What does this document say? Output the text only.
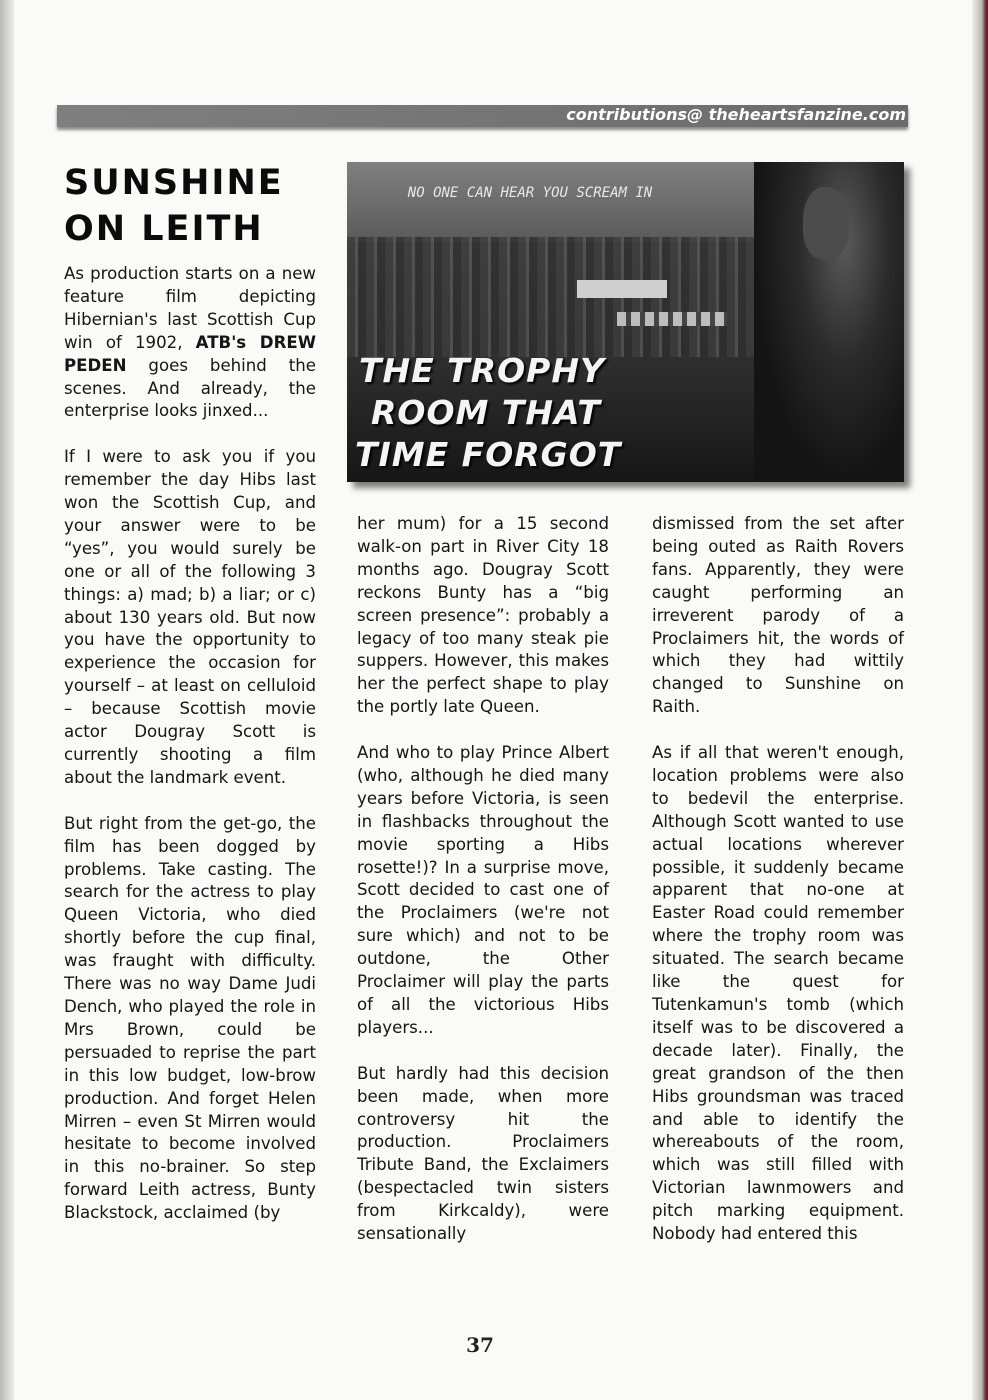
contributions@ theheartsfanzine.com
SUNSHINE
ON LEITH
NO ONE CAN HEAR YOU SCREAM IN
THE TROPHY
ROOM THAT
TIME FORGOT

As production starts on a new feature film depicting Hibernian's last Scottish Cup win of 1902, ATB's DREW PEDEN goes behind the scenes. And already, the enterprise looks jinxed...

If I were to ask you if you remember the day Hibs last won the Scottish Cup, and your answer were to be “yes”, you would surely be one or all of the following 3 things: a) mad; b) a liar; or c) about 130 years old. But now you have the opportunity to experience the occasion for yourself – at least on celluloid – because Scottish movie actor Dougray Scott is currently shooting a film about the landmark event.

But right from the get-go, the film has been dogged by problems. Take casting. The search for the actress to play Queen Victoria, who died shortly before the cup final, was fraught with difficulty. There was no way Dame Judi Dench, who played the role in Mrs Brown, could be persuaded to reprise the part in this low budget, low-brow production. And forget Helen Mirren – even St Mirren would hesitate to become involved in this no-brainer. So step forward Leith actress, Bunty Blackstock, acclaimed (by

her mum) for a 15 second walk-on part in River City 18 months ago. Dougray Scott reckons Bunty has a “big screen presence”: probably a legacy of too many steak pie suppers. However, this makes her the perfect shape to play the portly late Queen.

And who to play Prince Albert (who, although he died many years before Victoria, is seen in flashbacks throughout the movie sporting a Hibs rosette!)? In a surprise move, Scott decided to cast one of the Proclaimers (we're not sure which) and not to be outdone, the Other Proclaimer will play the parts of all the victorious Hibs players...

But hardly had this decision been made, when more controversy hit the production. Proclaimers Tribute Band, the Exclaimers (bespectacled twin sisters from Kirkcaldy), were sensationally

dismissed from the set after being outed as Raith Rovers fans. Apparently, they were caught performing an irreverent parody of a Proclaimers hit, the words of which they had wittily changed to Sunshine on Raith.

As if all that weren't enough, location problems were also to bedevil the enterprise. Although Scott wanted to use actual locations wherever possible, it suddenly became apparent that no-one at Easter Road could remember where the trophy room was situated. The search became like the quest for Tutenkamun's tomb (which itself was to be discovered a decade later). Finally, the great grandson of the then Hibs groundsman was traced and able to identify the whereabouts of the room, which was still filled with Victorian lawnmowers and pitch marking equipment. Nobody had entered this

37
